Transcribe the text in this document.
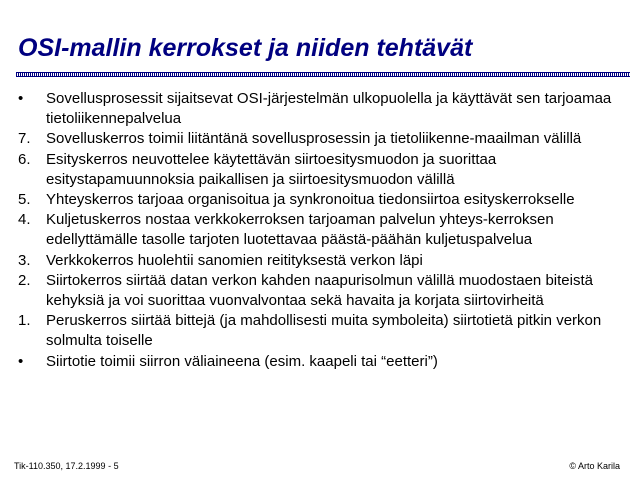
OSI-mallin kerrokset ja niiden tehtävät
•	Sovellusprosessit sijaitsevat OSI-järjestelmän ulkopuolella ja käyttävät sen tarjoamaa tietoliikennepalvelua
7.	Sovelluskerros toimii liitäntänä sovellusprosessin ja tietoliikenne-maailman välillä
6.	Esityskerros neuvottelee käytettävän siirtoesitysmuodon ja suorittaa esitystapamuunnoksia paikallisen ja siirtoesitysmuodon välillä
5.	Yhteyskerros tarjoaa organisoitua ja synkronoitua tiedonsiirtoa esityskerrokselle
4.	Kuljetuskerros nostaa verkkokerroksen tarjoaman palvelun yhteys-kerroksen edellyttämälle tasolle tarjoten luotettavaa päästä-päähän kuljetuspalvelua
3.	Verkkokerros huolehtii sanomien reitityksestä verkon läpi
2.	Siirtokerros siirtää datan verkon kahden naapurisolmun välillä muodostaen biteistä kehyksiä ja voi suorittaa vuonvalvontaa sekä havaita ja korjata siirtovirheitä
1.	Peruskerros siirtää bittejä (ja mahdollisesti muita symboleita) siirtotietä pitkin verkon solmulta toiselle
•	Siirtotie toimii siirron väliaineena (esim. kaapeli tai “eetteri”)
Tik-110.350, 17.2.1999 - 5	© Arto Karila
